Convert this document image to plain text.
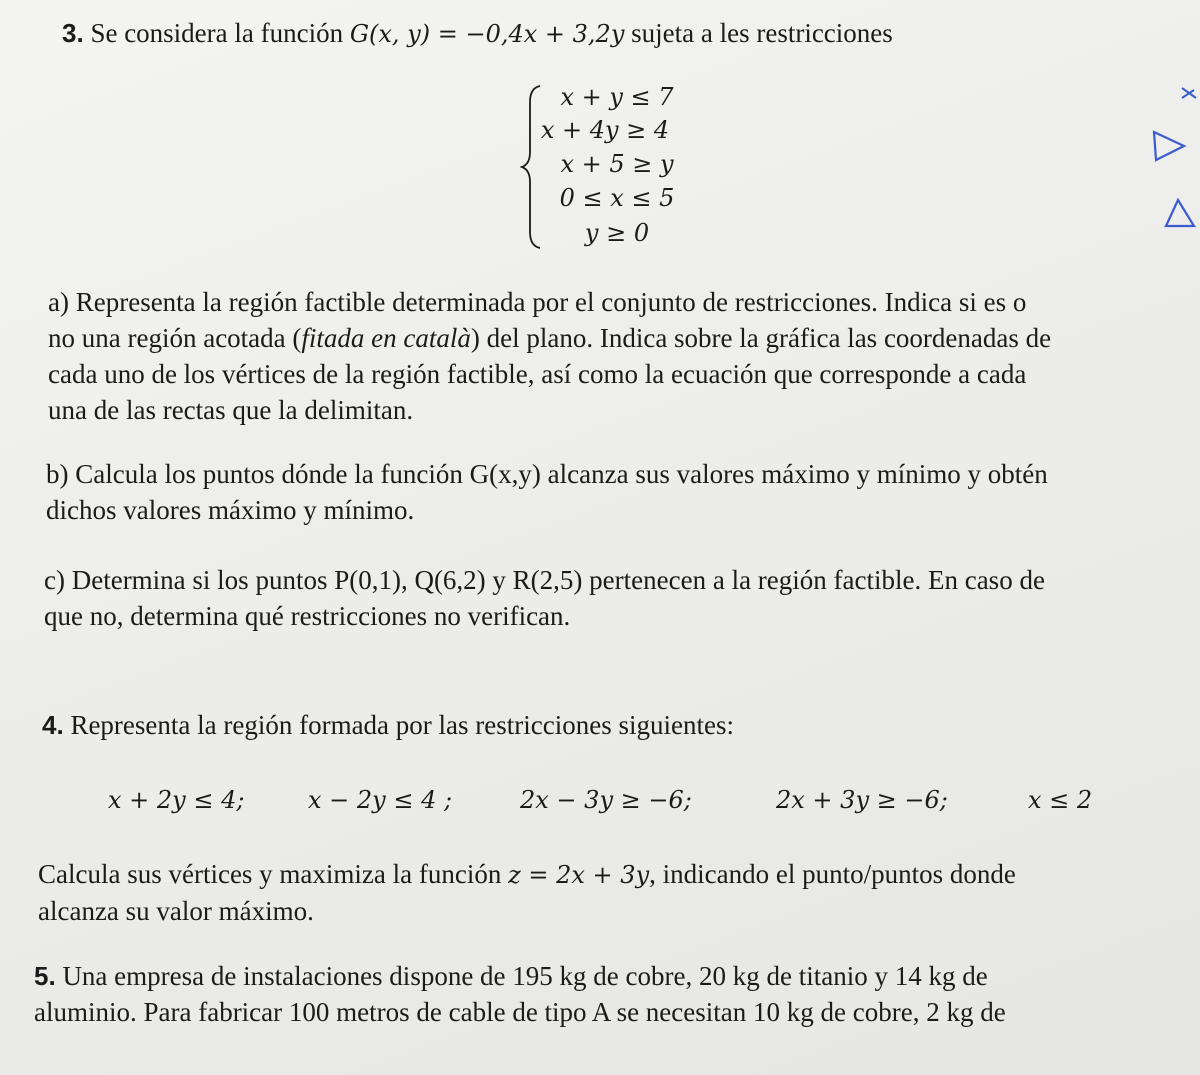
3. Se considera la función G(x, y) = −0,4x + 3,2y sujeta a les restricciones
x + y ≤ 7
x + 4y ≥ 4
x + 5 ≥ y
0 ≤ x ≤ 5
y ≥ 0
a) Representa la región factible determinada por el conjunto de restricciones. Indica si es o
no una región acotada (fitada en català) del plano. Indica sobre la gráfica las coordenadas de
cada uno de los vértices de la región factible, así como la ecuación que corresponde a cada
una de las rectas que la delimitan.
b) Calcula los puntos dónde la función G(x,y) alcanza sus valores máximo y mínimo y obtén
dichos valores máximo y mínimo.
c) Determina si los puntos P(0,1), Q(6,2) y R(2,5) pertenecen a la región factible. En caso de
que no, determina qué restricciones no verifican.
4. Representa la región formada por las restricciones siguientes:
x + 2y ≤ 4;	x − 2y ≤ 4 ;	2x − 3y ≥ −6;	2x + 3y ≥ −6;	x ≤ 2
Calcula sus vértices y maximiza la función z = 2x + 3y, indicando el punto/puntos donde
alcanza su valor máximo.
5. Una empresa de instalaciones dispone de 195 kg de cobre, 20 kg de titanio y 14 kg de
aluminio. Para fabricar 100 metros de cable de tipo A se necesitan 10 kg de cobre, 2 kg de
